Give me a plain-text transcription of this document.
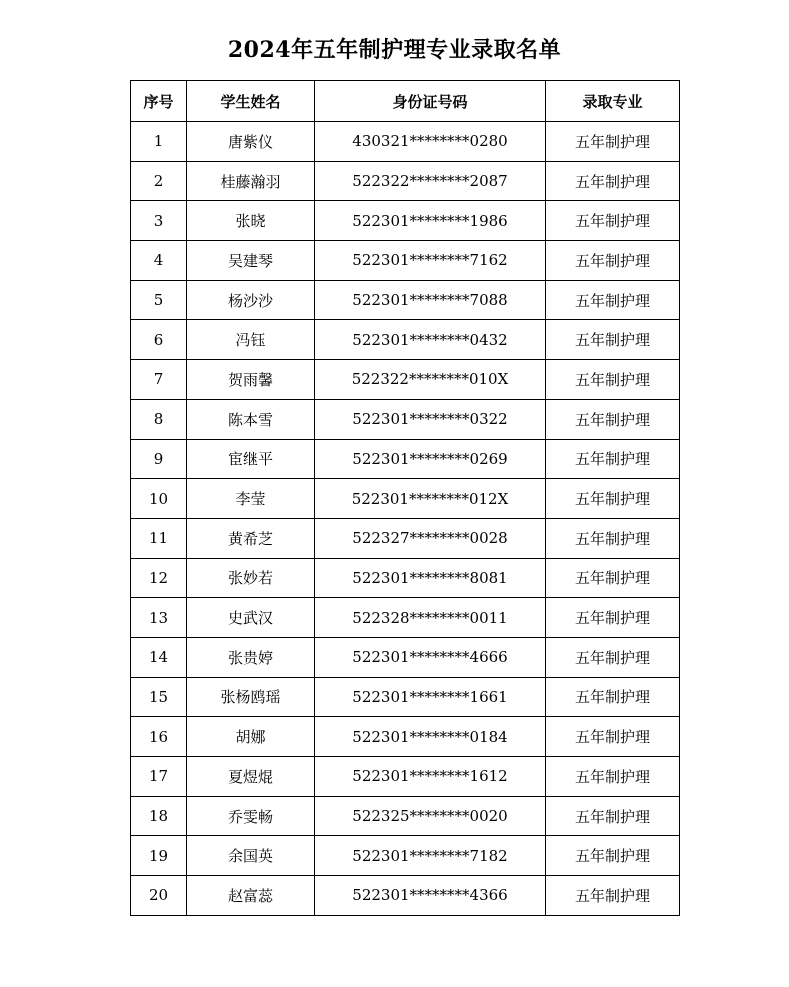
2024年五年制护理专业录取名单
序号	学生姓名	身份证号码	录取专业
1	唐紫仪	430321********0280	五年制护理
2	桂藤瀚羽	522322********2087	五年制护理
3	张晓	522301********1986	五年制护理
4	吴建琴	522301********7162	五年制护理
5	杨沙沙	522301********7088	五年制护理
6	冯钰	522301********0432	五年制护理
7	贺雨馨	522322********010X	五年制护理
8	陈本雪	522301********0322	五年制护理
9	宦继平	522301********0269	五年制护理
10	李莹	522301********012X	五年制护理
11	黄希芝	522327********0028	五年制护理
12	张妙若	522301********8081	五年制护理
13	史武汉	522328********0011	五年制护理
14	张贵婷	522301********4666	五年制护理
15	张杨鸥瑶	522301********1661	五年制护理
16	胡娜	522301********0184	五年制护理
17	夏煜焜	522301********1612	五年制护理
18	乔雯畅	522325********0020	五年制护理
19	余国英	522301********7182	五年制护理
20	赵富蕊	522301********4366	五年制护理
